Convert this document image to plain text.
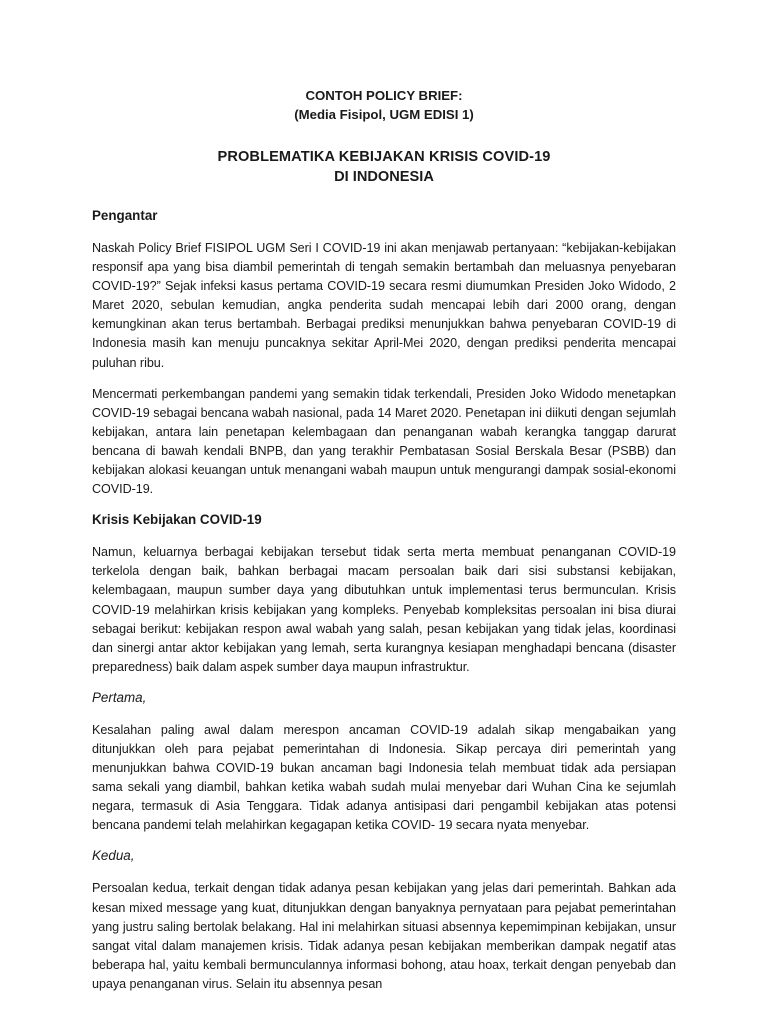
CONTOH POLICY BRIEF:

(Media Fisipol, UGM EDISI 1)

PROBLEMATIKA KEBIJAKAN KRISIS COVID-19

DI INDONESIA

Pengantar

Naskah Policy Brief FISIPOL UGM Seri I COVID-19 ini akan menjawab pertanyaan: “kebijakan-kebijakan responsif apa yang bisa diambil pemerintah di tengah semakin bertambah dan meluasnya penyebaran COVID-19?” Sejak infeksi kasus pertama COVID-19 secara resmi diumumkan Presiden Joko Widodo, 2 Maret 2020, sebulan kemudian, angka penderita sudah mencapai lebih dari 2000 orang, dengan kemungkinan akan terus bertambah. Berbagai prediksi menunjukkan bahwa penyebaran COVID-19 di Indonesia masih kan menuju puncaknya sekitar April-Mei 2020, dengan prediksi penderita mencapai puluhan ribu.

Mencermati perkembangan pandemi yang semakin tidak terkendali, Presiden Joko Widodo menetapkan COVID-19 sebagai bencana wabah nasional, pada 14 Maret 2020. Penetapan ini diikuti dengan sejumlah kebijakan, antara lain penetapan kelembagaan dan penanganan wabah kerangka tanggap darurat bencana di bawah kendali BNPB, dan yang terakhir Pembatasan Sosial Berskala Besar (PSBB) dan kebijakan alokasi keuangan untuk menangani wabah maupun untuk mengurangi dampak sosial-ekonomi COVID-19.

Krisis Kebijakan COVID-19

Namun, keluarnya berbagai kebijakan tersebut tidak serta merta membuat penanganan COVID-19 terkelola dengan baik, bahkan berbagai macam persoalan baik dari sisi substansi kebijakan, kelembagaan, maupun sumber daya yang dibutuhkan untuk implementasi terus bermunculan. Krisis COVID-19 melahirkan krisis kebijakan yang kompleks. Penyebab kompleksitas persoalan ini bisa diurai sebagai berikut: kebijakan respon awal wabah yang salah, pesan kebijakan yang tidak jelas, koordinasi dan sinergi antar aktor kebijakan yang lemah, serta kurangnya kesiapan menghadapi bencana (disaster preparedness) baik dalam aspek sumber daya maupun infrastruktur.

Pertama,

Kesalahan paling awal dalam merespon ancaman COVID-19 adalah sikap mengabaikan yang ditunjukkan oleh para pejabat pemerintahan di Indonesia. Sikap percaya diri pemerintah yang menunjukkan bahwa COVID-19 bukan ancaman bagi Indonesia telah membuat tidak ada persiapan sama sekali yang diambil, bahkan ketika wabah sudah mulai menyebar dari Wuhan Cina ke sejumlah negara, termasuk di Asia Tenggara. Tidak adanya antisipasi dari pengambil kebijakan atas potensi bencana pandemi telah melahirkan kegagapan ketika COVID- 19 secara nyata menyebar.

Kedua,

Persoalan kedua, terkait dengan tidak adanya pesan kebijakan yang jelas dari pemerintah. Bahkan ada kesan mixed message yang kuat, ditunjukkan dengan banyaknya pernyataan para pejabat pemerintahan yang justru saling bertolak belakang. Hal ini melahirkan situasi absennya kepemimpinan kebijakan, unsur sangat vital dalam manajemen krisis. Tidak adanya pesan kebijakan memberikan dampak negatif atas beberapa hal, yaitu kembali bermunculannya informasi bohong, atau hoax, terkait dengan penyebab dan upaya penanganan virus. Selain itu absennya pesan
